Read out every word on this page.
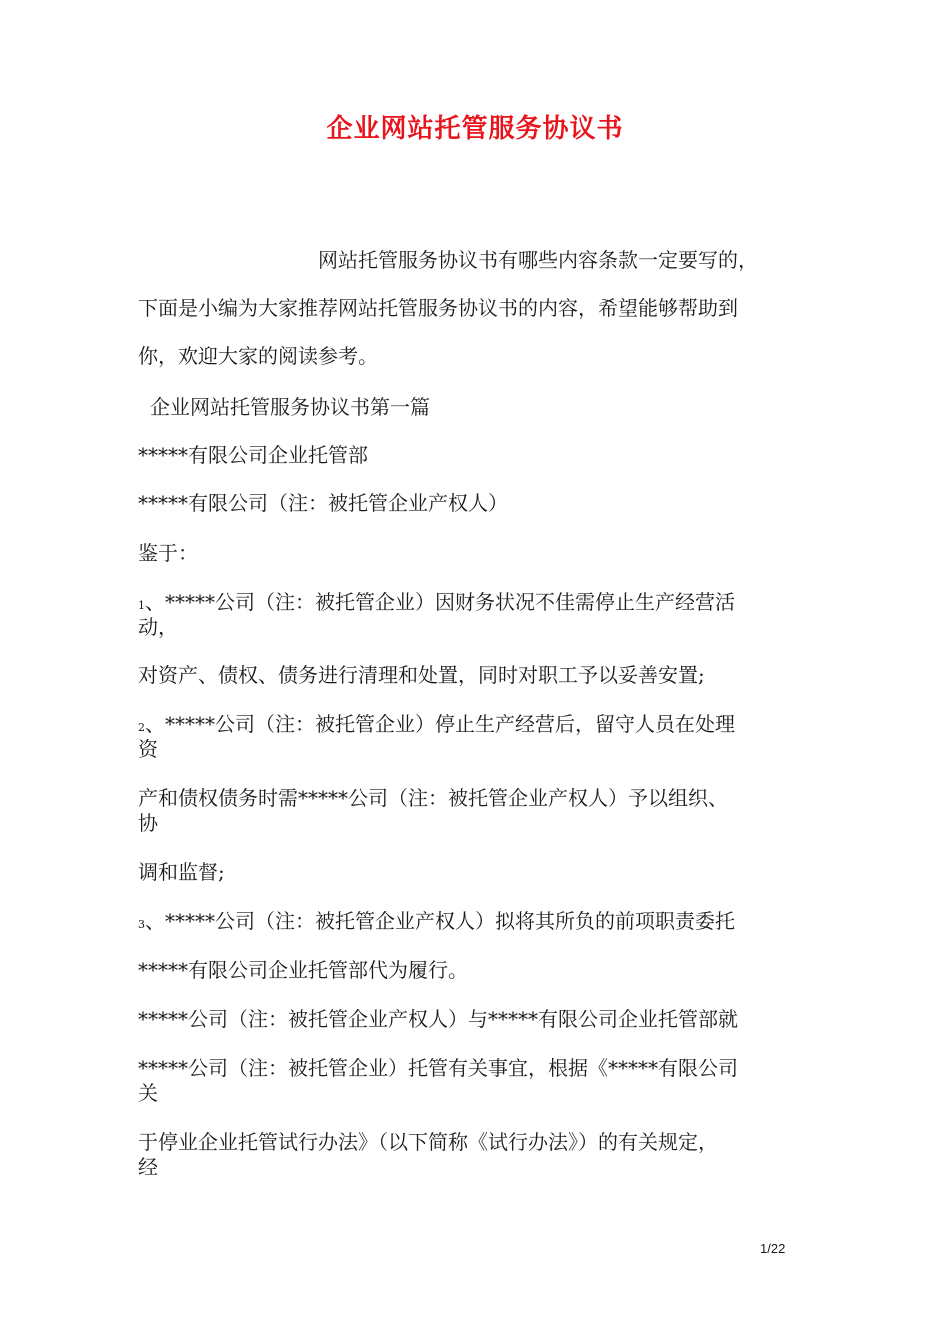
企业网站托管服务协议书
网站托管服务协议书有哪些内容条款一定要写的，
下面是小编为大家推荐网站托管服务协议书的内容，希望能够帮助到
你，欢迎大家的阅读参考。
企业网站托管服务协议书第一篇
*****有限公司企业托管部
*****有限公司（注：被托管企业产权人）
鉴于：
1、*****公司（注：被托管企业）因财务状况不佳需停止生产经营活
动，
对资产、债权、债务进行清理和处置，同时对职工予以妥善安置;
2、*****公司（注：被托管企业）停止生产经营后，留守人员在处理
资
产和债权债务时需*****公司（注：被托管企业产权人）予以组织、
协
调和监督;
3、*****公司（注：被托管企业产权人）拟将其所负的前项职责委托
*****有限公司企业托管部代为履行。
*****公司（注：被托管企业产权人）与*****有限公司企业托管部就
*****公司（注：被托管企业）托管有关事宜，根据《*****有限公司
关
于停业企业托管试行办法》（以下简称《试行办法》）的有关规定，
经
1/22
